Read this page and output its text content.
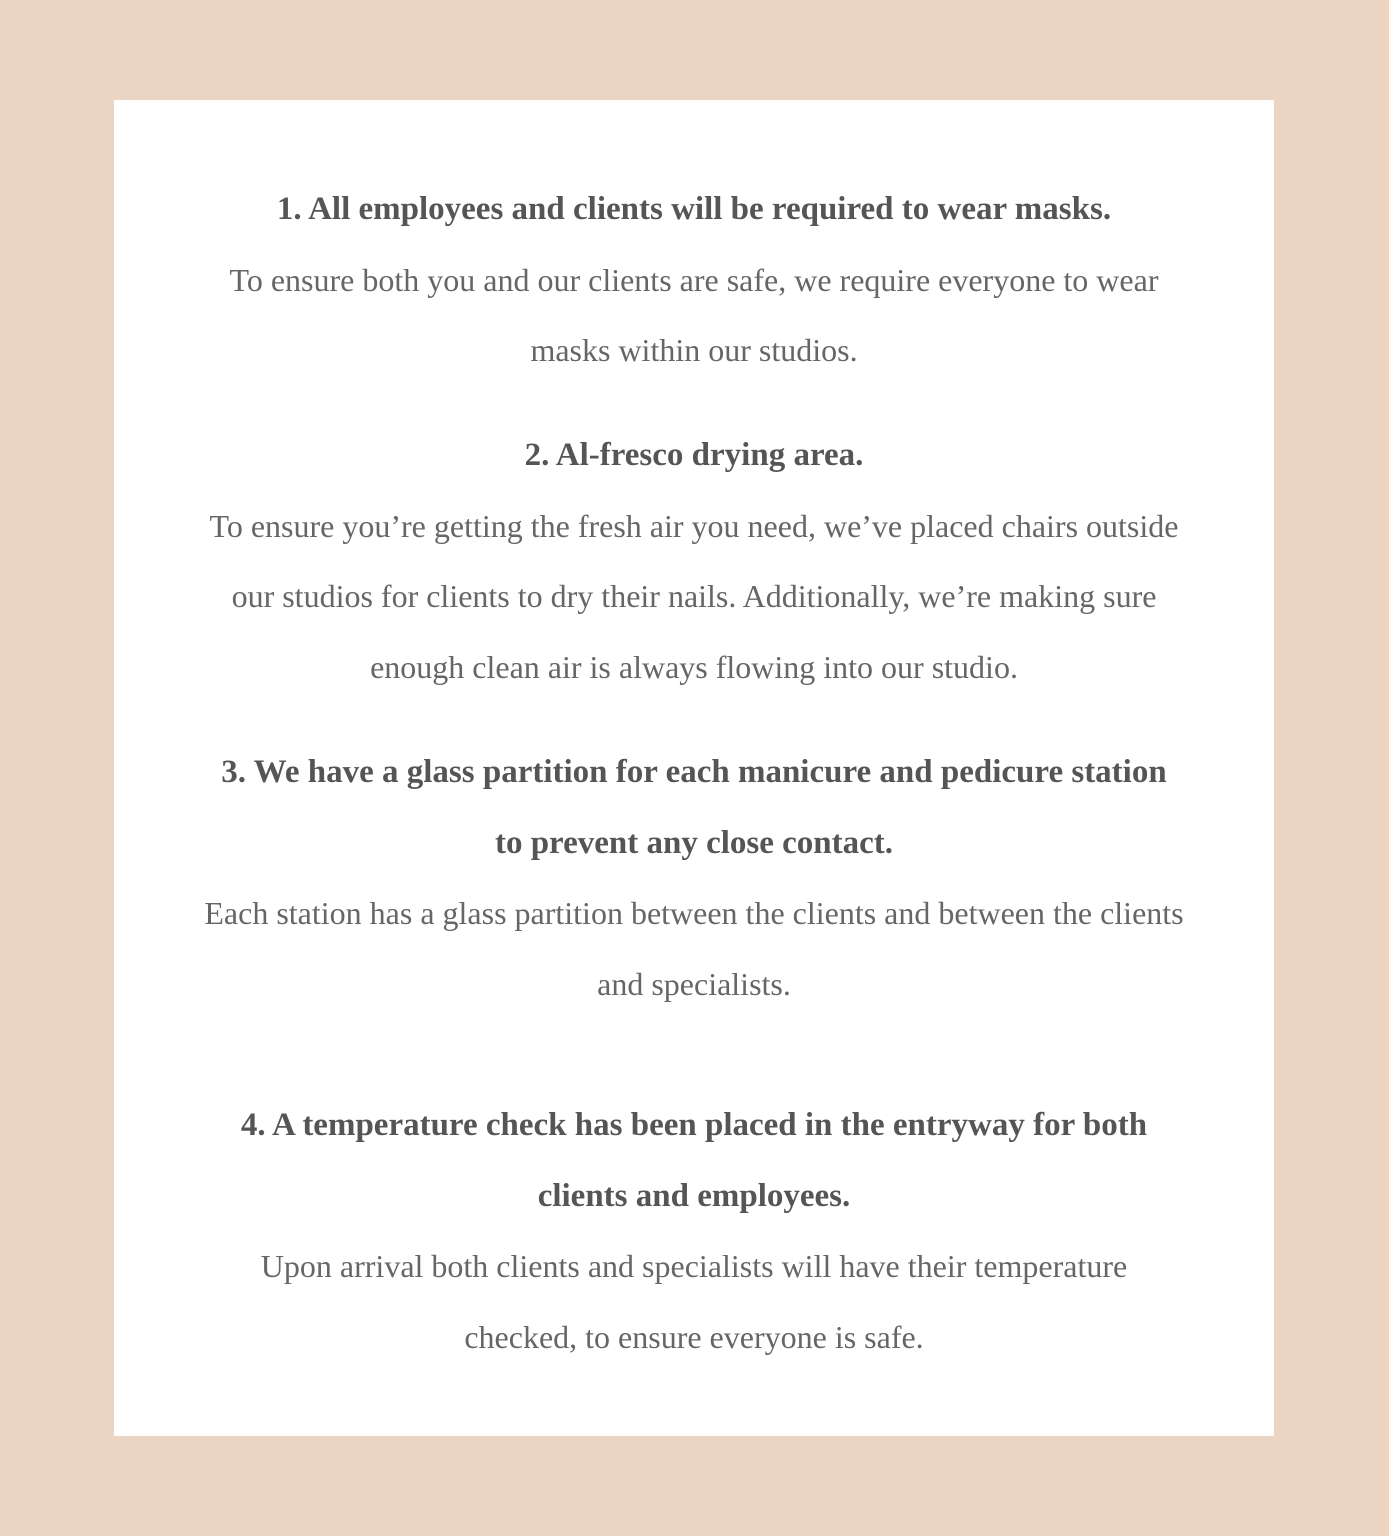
1. All employees and clients will be required to wear masks.

To ensure both you and our clients are safe, we require everyone to wear masks within our studios.

2. Al-fresco drying area.

To ensure you’re getting the fresh air you need, we’ve placed chairs outside our studios for clients to dry their nails. Additionally, we’re making sure enough clean air is always flowing into our studio.

3. We have a glass partition for each manicure and pedicure station to prevent any close contact.

Each station has a glass partition between the clients and between the clients and specialists.

4. A temperature check has been placed in the entryway for both clients and employees.

Upon arrival both clients and specialists will have their temperature checked, to ensure everyone is safe.
